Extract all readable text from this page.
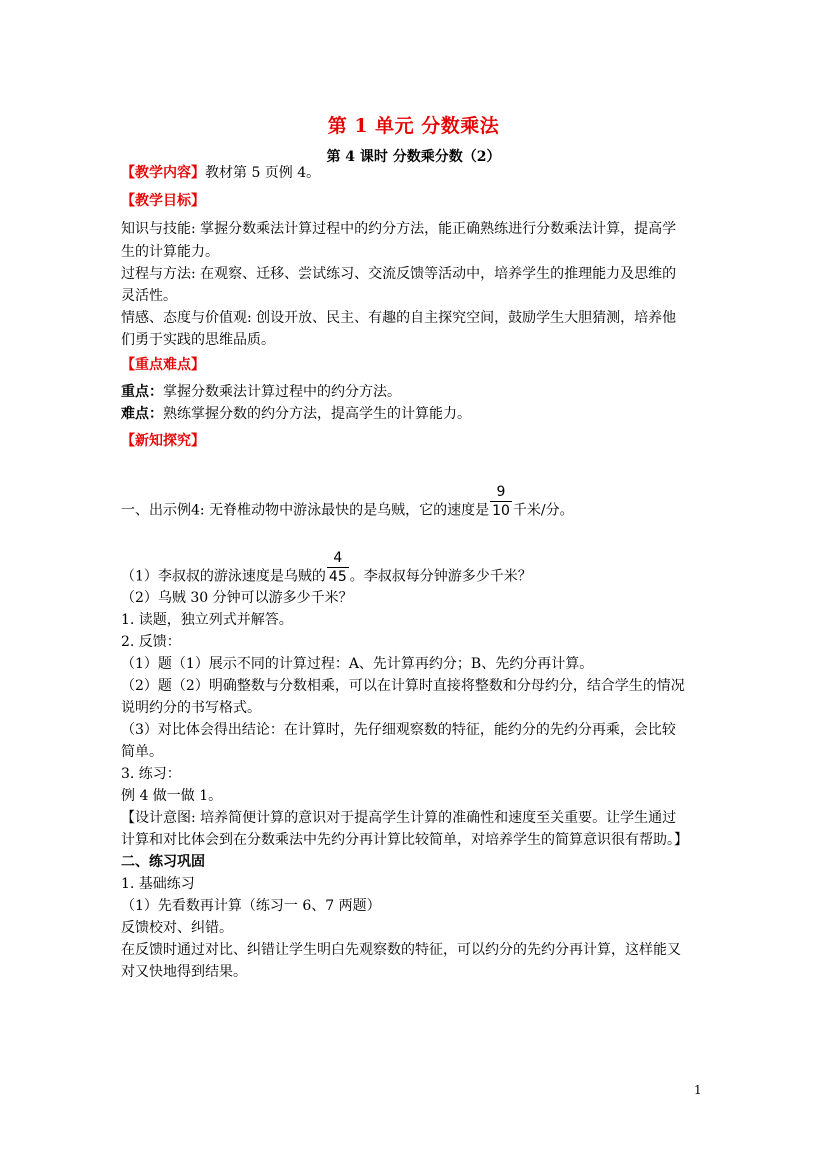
第 1 单元 分数乘法
第 4 课时 分数乘分数（2）
【教学内容】教材第 5 页例 4。
【教学目标】
知识与技能: 掌握分数乘法计算过程中的约分方法，能正确熟练进行分数乘法计算，提高学
生的计算能力。
过程与方法: 在观察、迁移、尝试练习、交流反馈等活动中，培养学生的推理能力及思维的
灵活性。
情感、态度与价值观: 创设开放、民主、有趣的自主探究空间，鼓励学生大胆猜测，培养他
们勇于实践的思维品质。
【重点难点】
重点：掌握分数乘法计算过程中的约分方法。
难点：熟练掌握分数的约分方法，提高学生的计算能力。
【新知探究】
一、出示例4: 无脊椎动物中游泳最快的是乌贼，它的速度是 $\frac{9}{10}$ 千米/分。
（1）李叔叔的游泳速度是乌贼的 $\frac{4}{45}$ 。李叔叔每分钟游多少千米？
（2）乌贼 30 分钟可以游多少千米？
1. 读题，独立列式并解答。
2. 反馈：
（1）题（1）展示不同的计算过程：A、先计算再约分；B、先约分再计算。
（2）题（2）明确整数与分数相乘，可以在计算时直接将整数和分母约分，结合学生的情况
说明约分的书写格式。
（3）对比体会得出结论：在计算时，先仔细观察数的特征，能约分的先约分再乘，会比较
简单。
3. 练习：
例 4 做一做 1。
【设计意图: 培养简便计算的意识对于提高学生计算的准确性和速度至关重要。让学生通过
计算和对比体会到在分数乘法中先约分再计算比较简单，对培养学生的简算意识很有帮助。】
二、练习巩固
1. 基础练习
（1）先看数再计算（练习一 6、7 两题）
反馈校对、纠错。
在反馈时通过对比、纠错让学生明白先观察数的特征，可以约分的先约分再计算，这样能又
对又快地得到结果。
1
